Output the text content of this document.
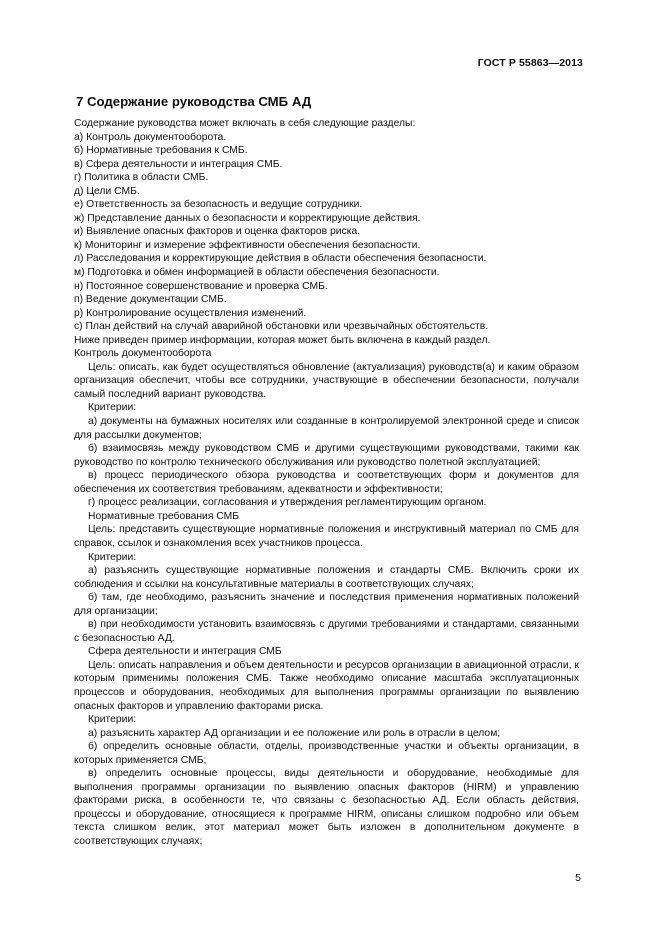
ГОСТ Р 55863—2013
7 Содержание руководства СМБ АД

Содержание руководства может включать в себя следующие разделы:

а) Контроль документооборота.

б) Нормативные требования к СМБ.

в) Сфера деятельности и интеграция СМБ.

г) Политика в области СМБ.

д) Цели СМБ.

е) Ответственность за безопасность и ведущие сотрудники.

ж) Представление данных о безопасности и корректирующие действия.

и) Выявление опасных факторов и оценка факторов риска.

к) Мониторинг и измерение эффективности обеспечения безопасности.

л) Расследования и корректирующие действия в области обеспечения безопасности.

м) Подготовка и обмен информацией в области обеспечения безопасности.

н) Постоянное совершенствование и проверка СМБ.

п) Ведение документации СМБ.

р) Контролирование осуществления изменений.

с) План действий на случай аварийной обстановки или чрезвычайных обстоятельств.

Ниже приведен пример информации, которая может быть включена в каждый раздел.

Контроль документооборота

Цель: описать, как будет осуществляться обновление (актуализация) руководств(а) и каким образом организация обеспечит, чтобы все сотрудники, участвующие в обеспечении безопасности, получали самый последний вариант руководства.

Критерии:

а) документы на бумажных носителях или созданные в контролируемой электронной среде и список для рассылки документов;

б) взаимосвязь между руководством СМБ и другими существующими руководствами, такими как руководство по контролю технического обслуживания или руководство полетной эксплуатацией;

в) процесс периодического обзора руководства и соответствующих форм и документов для обеспечения их соответствия требованиям, адекватности и эффективности;

г) процесс реализации, согласования и утверждения регламентирующим органом.

Нормативные требования СМБ

Цель: представить существующие нормативные положения и инструктивный материал по СМБ для справок, ссылок и ознакомления всех участников процесса.

Критерии:

а) разъяснить существующие нормативные положения и стандарты СМБ. Включить сроки их соблюдения и ссылки на консультативные материалы в соответствующих случаях;

б) там, где необходимо, разъяснить значение и последствия применения нормативных положений для организации;

в) при необходимости установить взаимосвязь с другими требованиями и стандартами, связанными с безопасностью АД.

Сфера деятельности и интеграция СМБ

Цель: описать направления и объем деятельности и ресурсов организации в авиационной отрасли, к которым применимы положения СМБ. Также необходимо описание масштаба эксплуатационных процессов и оборудования, необходимых для выполнения программы организации по выявлению опасных факторов и управлению факторами риска.

Критерии:

а) разъяснить характер АД организации и ее положение или роль в отрасли в целом;

б) определить основные области, отделы, производственные участки и объекты организации, в которых применяется СМБ;

в) определить основные процессы, виды деятельности и оборудование, необходимые для выполнения программы организации по выявлению опасных факторов (HIRM) и управлению факторами риска, в особенности те, что связаны с безопасностью АД. Если область действия, процессы и оборудование, относящиеся к программе HIRM, описаны слишком подробно или объем текста слишком велик, этот материал может быть изложен в дополнительном документе в соответствующих случаях;

5
